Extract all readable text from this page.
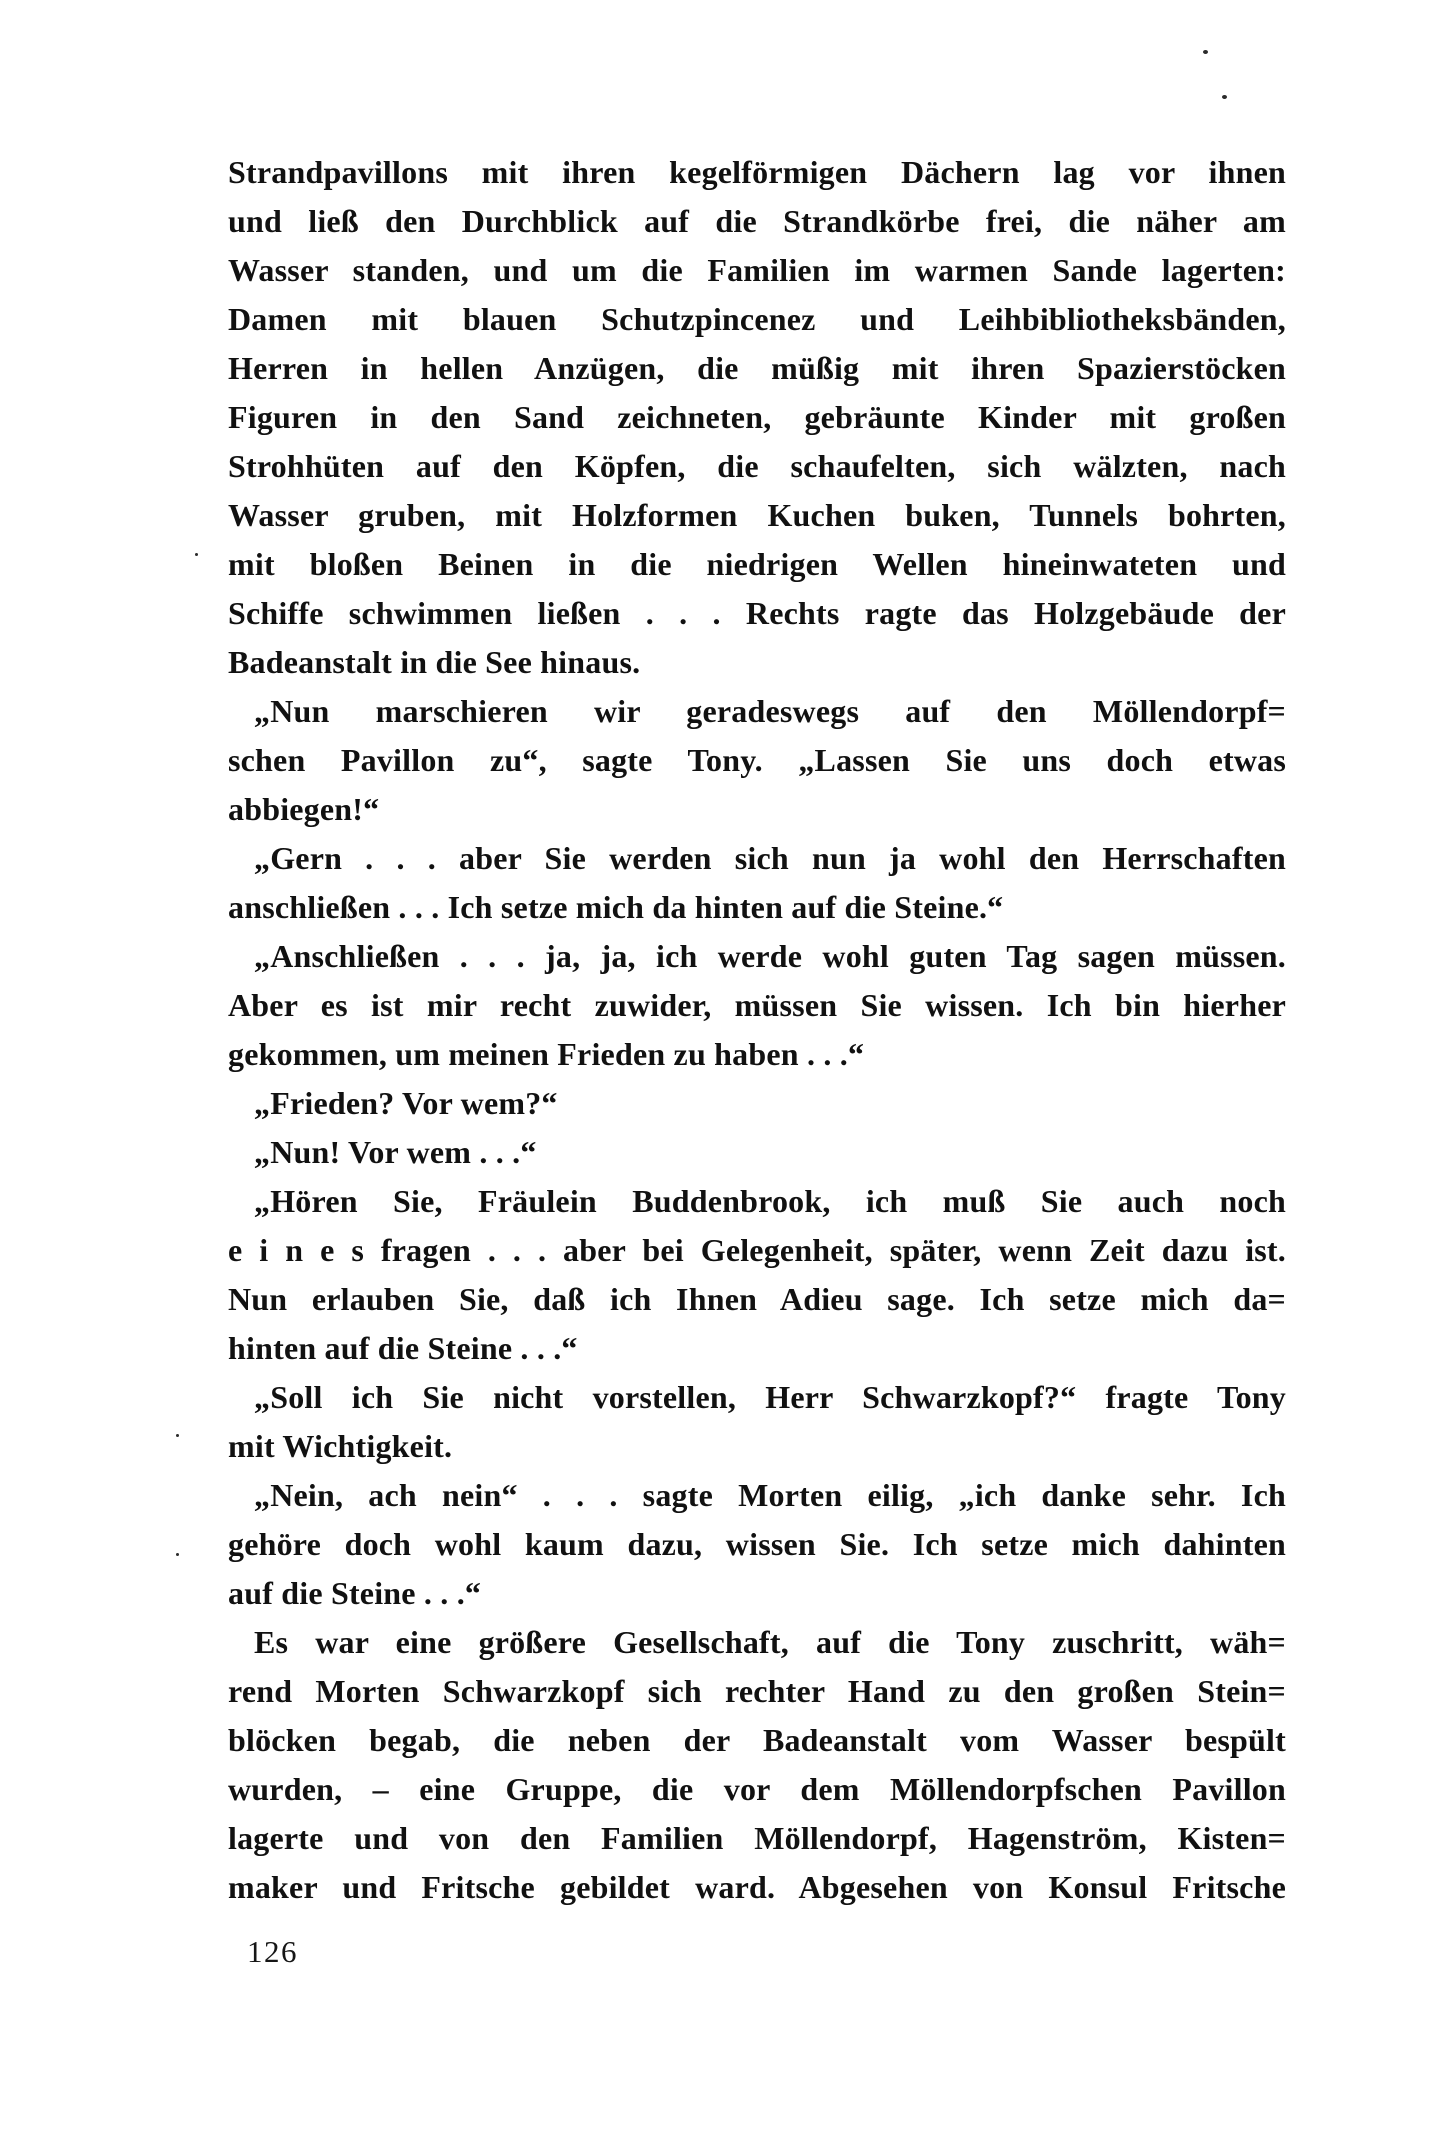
Strandpavillons mit ihren kegelförmigen Dächern lag vor ihnen
und ließ den Durchblick auf die Strandkörbe frei, die näher am
Wasser standen, und um die Familien im warmen Sande lagerten:
Damen mit blauen Schutzpincenez und Leihbibliotheksbänden,
Herren in hellen Anzügen, die müßig mit ihren Spazierstöcken
Figuren in den Sand zeichneten, gebräunte Kinder mit großen
Strohhüten auf den Köpfen, die schaufelten, sich wälzten, nach
Wasser gruben, mit Holzformen Kuchen buken, Tunnels bohrten,
mit bloßen Beinen in die niedrigen Wellen hineinwateten und
Schiffe schwimmen ließen . . . Rechts ragte das Holzgebäude der
Badeanstalt in die See hinaus.
„Nun marschieren wir geradeswegs auf den Möllendorpf=
schen Pavillon zu“, sagte Tony. „Lassen Sie uns doch etwas
abbiegen!“
„Gern . . . aber Sie werden sich nun ja wohl den Herrschaften
anschließen . . . Ich setze mich da hinten auf die Steine.“
„Anschließen . . . ja, ja, ich werde wohl guten Tag sagen müssen.
Aber es ist mir recht zuwider, müssen Sie wissen. Ich bin hierher
gekommen, um meinen Frieden zu haben . . .“
„Frieden? Vor wem?“
„Nun! Vor wem . . .“
„Hören Sie, Fräulein Buddenbrook, ich muß Sie auch noch
e i n e s fragen . . . aber bei Gelegenheit, später, wenn Zeit dazu ist.
Nun erlauben Sie, daß ich Ihnen Adieu sage. Ich setze mich da=
hinten auf die Steine . . .“
„Soll ich Sie nicht vorstellen, Herr Schwarzkopf?“ fragte Tony
mit Wichtigkeit.
„Nein, ach nein“ . . . sagte Morten eilig, „ich danke sehr. Ich
gehöre doch wohl kaum dazu, wissen Sie. Ich setze mich dahinten
auf die Steine . . .“
Es war eine größere Gesellschaft, auf die Tony zuschritt, wäh=
rend Morten Schwarzkopf sich rechter Hand zu den großen Stein=
blöcken begab, die neben der Badeanstalt vom Wasser bespült
wurden, – eine Gruppe, die vor dem Möllendorpfschen Pavillon
lagerte und von den Familien Möllendorpf, Hagenström, Kisten=
maker und Fritsche gebildet ward. Abgesehen von Konsul Fritsche
126
